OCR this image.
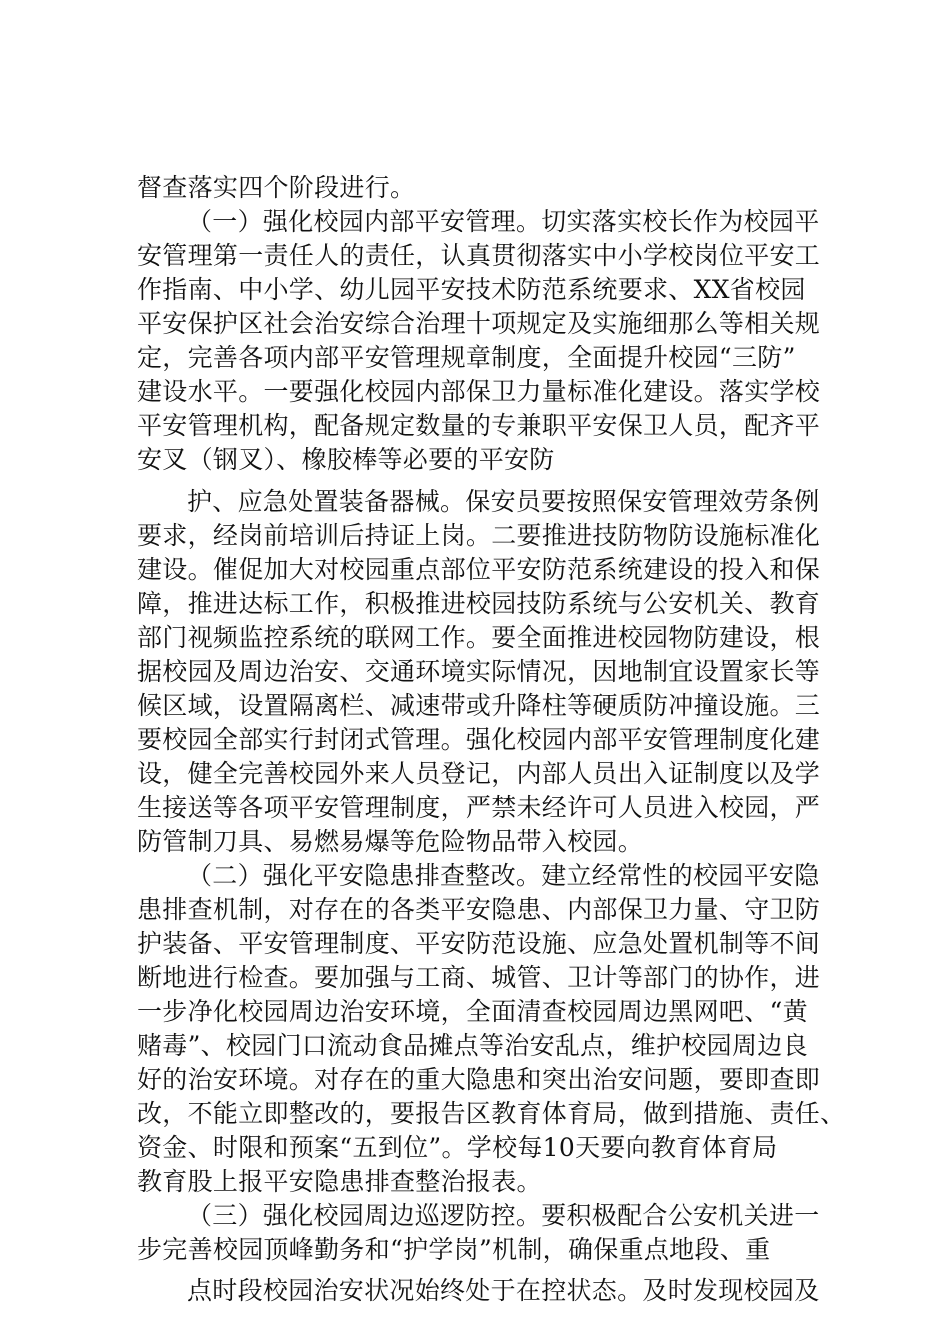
督查落实四个阶段进行。
（一）强化校园内部平安管理。切实落实校长作为校园平
安管理第一责任人的责任，认真贯彻落实中小学校岗位平安工
作指南、中小学、幼儿园平安技术防范系统要求、XX省校园
平安保护区社会治安综合治理十项规定及实施细那么等相关规
定，完善各项内部平安管理规章制度，全面提升校园“三防”
建设水平。一要强化校园内部保卫力量标准化建设。落实学校
平安管理机构，配备规定数量的专兼职平安保卫人员，配齐平
安叉（钢叉）、橡胶棒等必要的平安防
护、应急处置装备器械。保安员要按照保安管理效劳条例
要求，经岗前培训后持证上岗。二要推进技防物防设施标准化
建设。催促加大对校园重点部位平安防范系统建设的投入和保
障，推进达标工作，积极推进校园技防系统与公安机关、教育
部门视频监控系统的联网工作。要全面推进校园物防建设，根
据校园及周边治安、交通环境实际情况，因地制宜设置家长等
候区域，设置隔离栏、减速带或升降柱等硬质防冲撞设施。三
要校园全部实行封闭式管理。强化校园内部平安管理制度化建
设，健全完善校园外来人员登记，内部人员出入证制度以及学
生接送等各项平安管理制度，严禁未经许可人员进入校园，严
防管制刀具、易燃易爆等危险物品带入校园。
（二）强化平安隐患排查整改。建立经常性的校园平安隐
患排查机制，对存在的各类平安隐患、内部保卫力量、守卫防
护装备、平安管理制度、平安防范设施、应急处置机制等不间
断地进行检查。要加强与工商、城管、卫计等部门的协作，进
一步净化校园周边治安环境，全面清查校园周边黑网吧、“黄
赌毒”、校园门口流动食品摊点等治安乱点，维护校园周边良
好的治安环境。对存在的重大隐患和突出治安问题，要即查即
改，不能立即整改的，要报告区教育体育局，做到措施、责任、
资金、时限和预案“五到位”。学校每10天要向教育体育局
教育股上报平安隐患排查整治报表。
（三）强化校园周边巡逻防控。要积极配合公安机关进一
步完善校园顶峰勤务和“护学岗”机制，确保重点地段、重
点时段校园治安状况始终处于在控状态。及时发现校园及
